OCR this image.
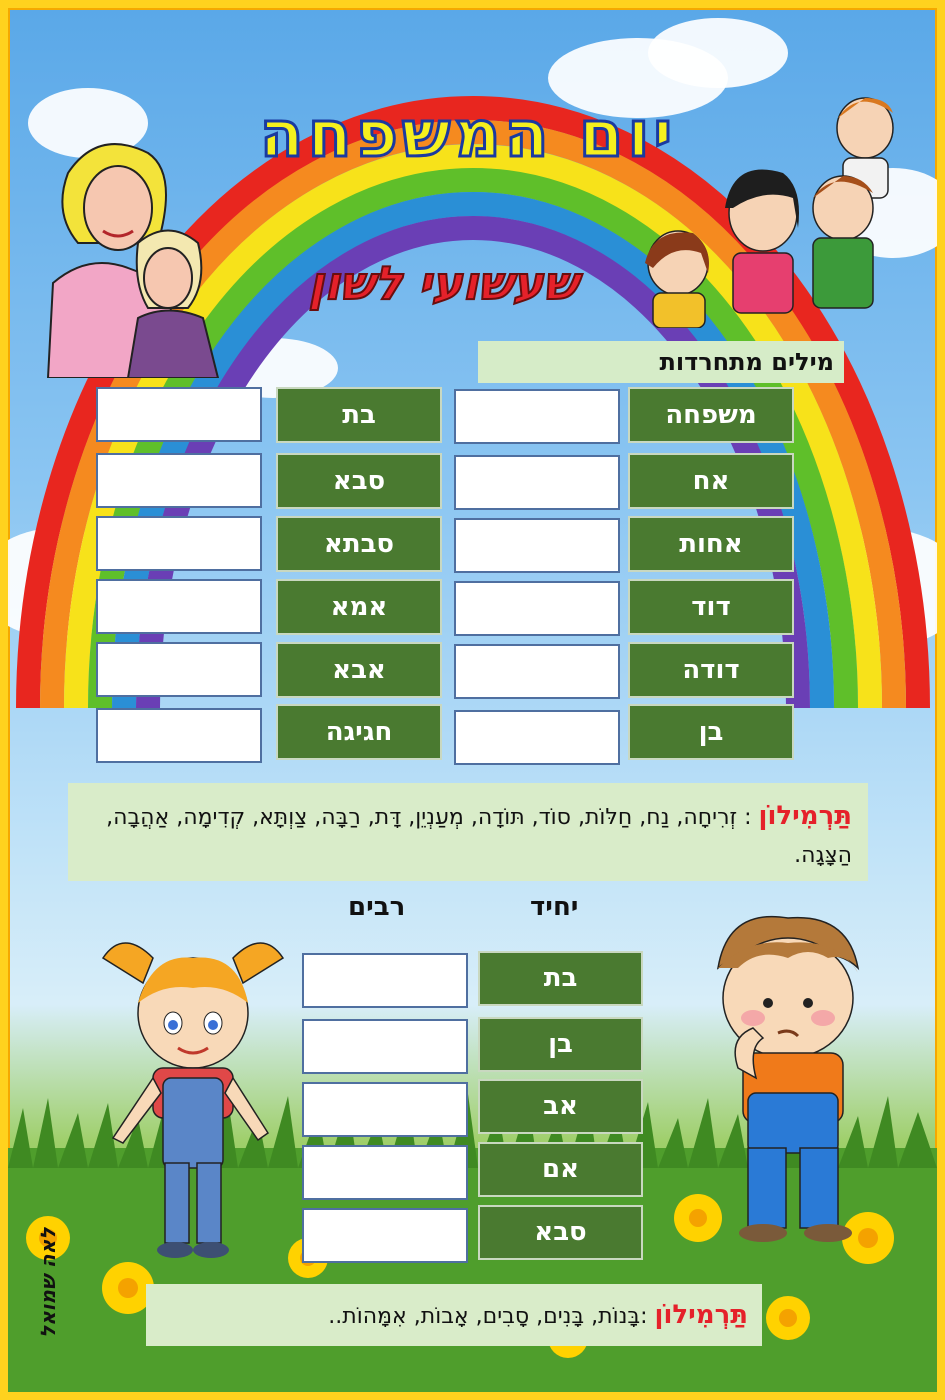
יום המשפחה
שעשועי לשון
מילים מתחרדות
משפחה
אח
אחות
דוד
דודה
בן
בת
סבא
סבתא
אמא
אבא
חגיגה
תַּרְמִילוֹן : זְרִיחָה, נַח, חַלּוֹת, סוֹד, תּוֹדָה, מְעַנְיֵן, דָּת, רַבָּה, צַוְתָּא, קְדִימָה, אַהֲבָה, הַצָּגָה.
יחיד
רבים
בת
בן
אב
אם
סבא
תַּרְמִילוֹן :בָּנוֹת, בָּנִים, סָבִים, אָבוֹת, אִמָּהוֹת..
לאה שמואל
